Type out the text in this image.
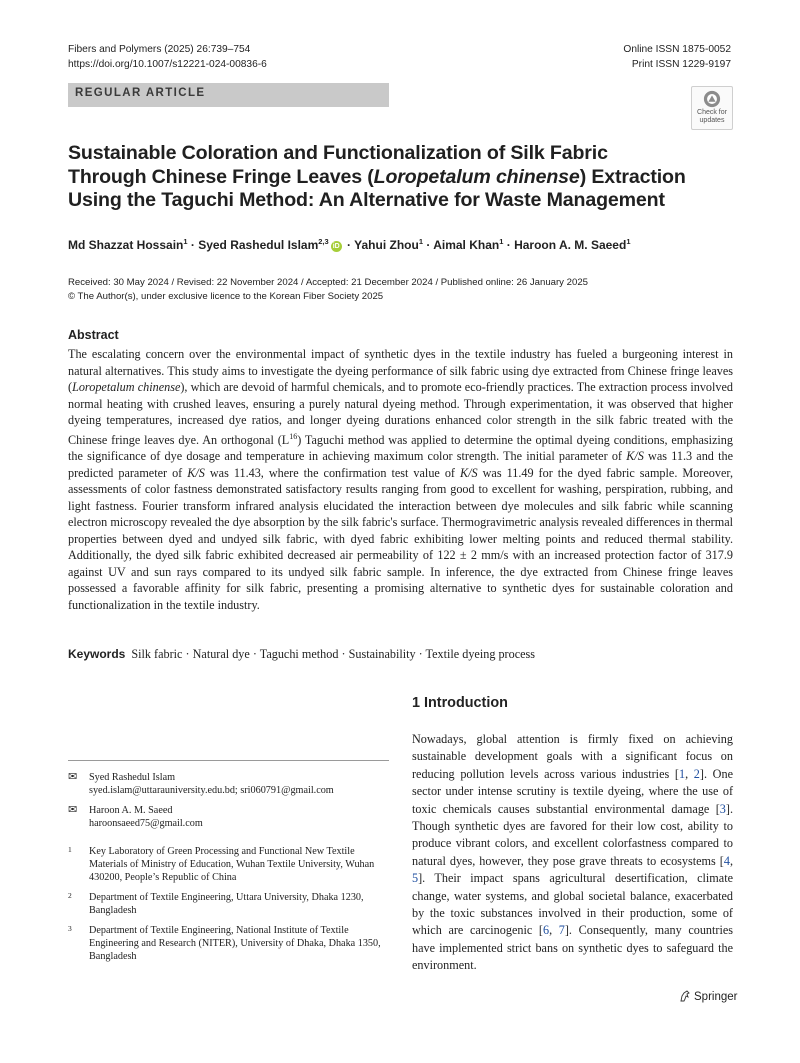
Fibers and Polymers (2025) 26:739–754
https://doi.org/10.1007/s12221-024-00836-6
Online ISSN 1875-0052
Print ISSN 1229-9197
REGULAR ARTICLE
Check for
updates
Sustainable Coloration and Functionalization of Silk Fabric Through Chinese Fringe Leaves (Loropetalum chinense) Extraction Using the Taguchi Method: An Alternative for Waste Management
Md Shazzat Hossain$^1$ · Syed Rashedul Islam$^{2,3}$iD · Yahui Zhou$^1$ · Aimal Khan$^1$ · Haroon A. M. Saeed$^1$
Received: 30 May 2024 / Revised: 22 November 2024 / Accepted: 21 December 2024 / Published online: 26 January 2025
© The Author(s), under exclusive licence to the Korean Fiber Society 2025
Abstract
The escalating concern over the environmental impact of synthetic dyes in the textile industry has fueled a burgeoning interest in natural alternatives. This study aims to investigate the dyeing performance of silk fabric using dye extracted from Chinese fringe leaves (Loropetalum chinense), which are devoid of harmful chemicals, and to promote eco-friendly practices. The extraction process involved normal heating with crushed leaves, ensuring a purely natural dyeing method. Through experimentation, it was observed that higher dyeing temperatures, increased dye ratios, and longer dyeing durations enhanced color strength in the silk fabric treated with the Chinese fringe leaves dye. An orthogonal $(L^{16})$ Taguchi method was applied to determine the optimal dyeing conditions, emphasizing the significance of dye dosage and temperature in achieving maximum color strength. The initial parameter of K/S was 11.3 and the predicted parameter of K/S was 11.43, where the confirmation test value of K/S was 11.49 for the dyed fabric sample. Moreover, assessments of color fastness demonstrated satisfactory results ranging from good to excellent for washing, perspiration, rubbing, and light fastness. Fourier transform infrared analysis elucidated the interaction between dye molecules and silk fabric while scanning electron microscopy revealed the dye absorption by the silk fabric's surface. Thermogravimetric analysis revealed differences in thermal properties between dyed and undyed silk fabric, with dyed fabric exhibiting lower melting points and reduced thermal stability. Additionally, the dyed silk fabric exhibited decreased air permeability of 122 ± 2 mm/s with an increased protection factor of 317.9 against UV and sun rays compared to its undyed silk fabric sample. In inference, the dye extracted from Chinese fringe leaves possessed a favorable affinity for silk fabric, presenting a promising alternative to synthetic dyes for sustainable coloration and functionalization in the textile industry.
Keywords Silk fabric · Natural dye · Taguchi method · Sustainability · Textile dyeing process
1 Introduction
Nowadays, global attention is firmly fixed on achieving sustainable development goals with a significant focus on reducing pollution levels across various industries [1, 2]. One sector under intense scrutiny is textile dyeing, where the use of toxic chemicals causes substantial environmental damage [3]. Though synthetic dyes are favored for their low cost, ability to produce vibrant colors, and excellent colorfastness compared to natural dyes, however, they pose grave threats to ecosystems [4, 5]. Their impact spans agricultural desertification, climate change, water systems, and global societal balance, exacerbated by the toxic substances involved in their production, some of which are carcinogenic [6, 7]. Consequently, many countries have implemented strict bans on synthetic dyes to safeguard the environment.
✉	Syed Rashedul Islam
syed.islam@uttarauniversity.edu.bd; sri060791@gmail.com
✉	Haroon A. M. Saeed
haroonsaeed75@gmail.com
1 Key Laboratory of Green Processing and Functional New Textile Materials of Ministry of Education, Wuhan Textile University, Wuhan 430200, People’s Republic of China
2 Department of Textile Engineering, Uttara University, Dhaka 1230, Bangladesh
3 Department of Textile Engineering, National Institute of Textile Engineering and Research (NITER), University of Dhaka, Dhaka 1350, Bangladesh
Springer
